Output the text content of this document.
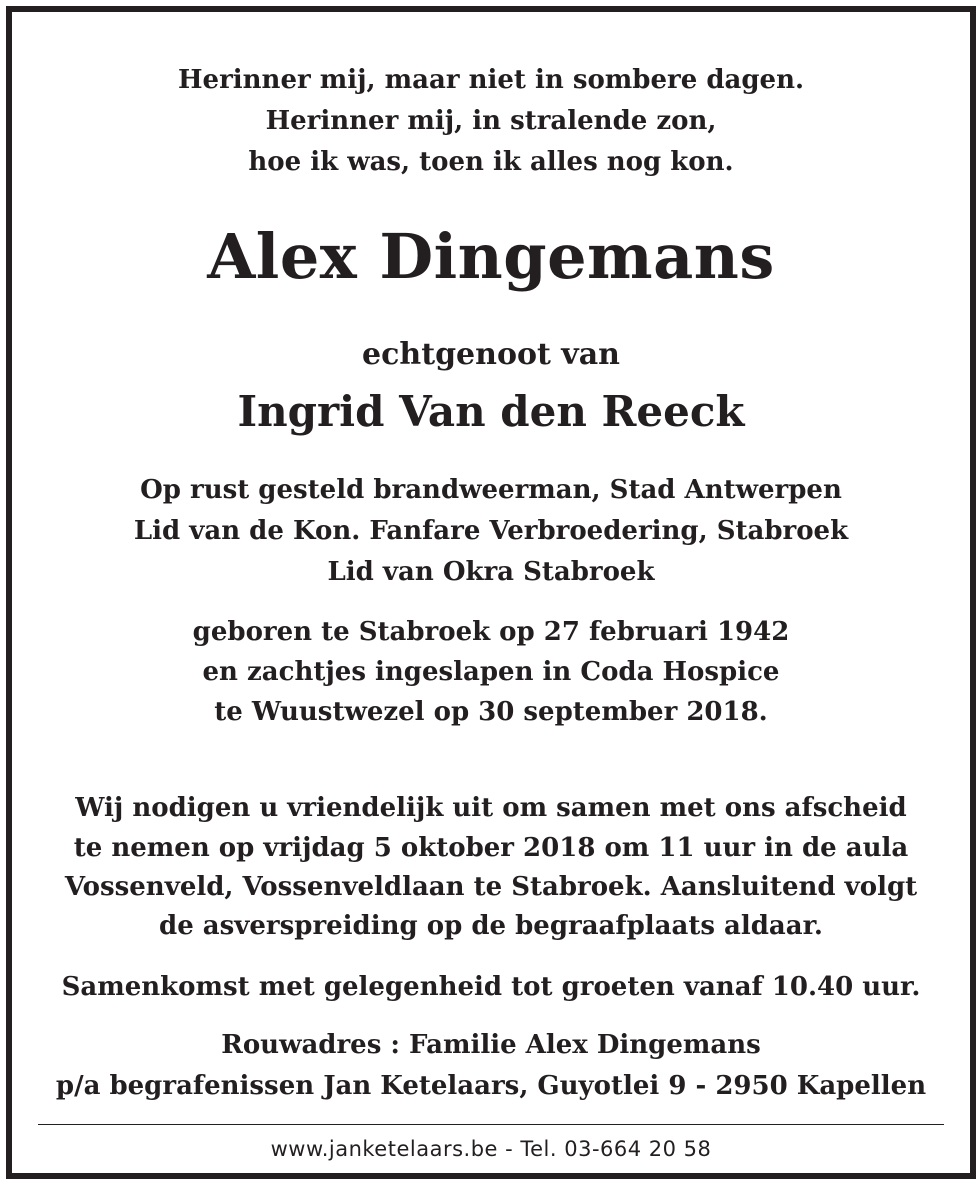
Herinner mij, maar niet in sombere dagen.
Herinner mij, in stralende zon,
hoe ik was, toen ik alles nog kon.
Alex Dingemans
echtgenoot van
Ingrid Van den Reeck
Op rust gesteld brandweerman, Stad Antwerpen
Lid van de Kon. Fanfare Verbroedering, Stabroek
Lid van Okra Stabroek
geboren te Stabroek op 27 februari 1942
en zachtjes ingeslapen in Coda Hospice
te Wuustwezel op 30 september 2018.
Wij nodigen u vriendelijk uit om samen met ons afscheid
te nemen op vrijdag 5 oktober 2018 om 11 uur in de aula
Vossenveld, Vossenveldlaan te Stabroek. Aansluitend volgt
de asverspreiding op de begraafplaats aldaar.
Samenkomst met gelegenheid tot groeten vanaf 10.40 uur.
Rouwadres : Familie Alex Dingemans
p/a begrafenissen Jan Ketelaars, Guyotlei 9 - 2950 Kapellen
www.janketelaars.be - Tel. 03-664 20 58
